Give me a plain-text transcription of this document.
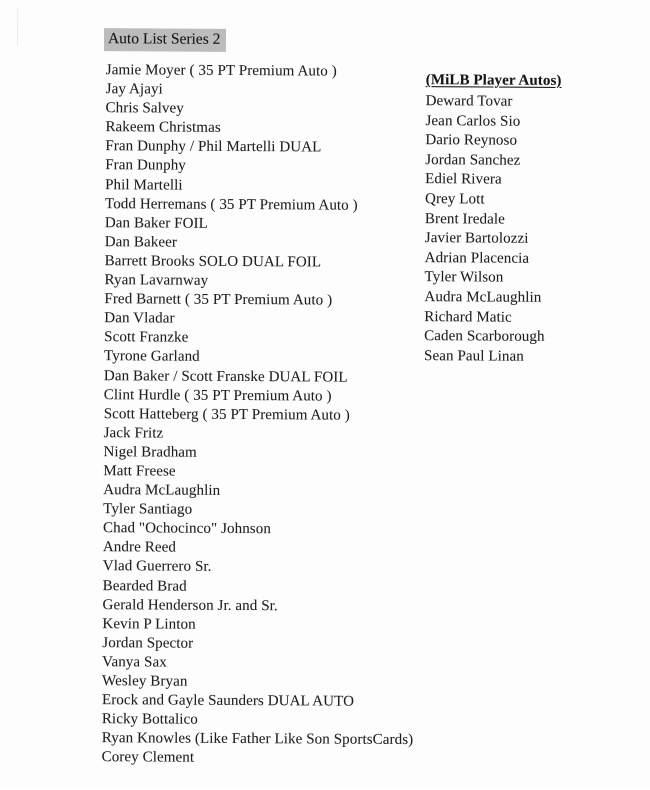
Auto List Series 2
Jamie Moyer ( 35 PT Premium Auto )
Jay Ajayi
Chris Salvey
Rakeem Christmas
Fran Dunphy / Phil Martelli DUAL
Fran Dunphy
Phil Martelli
Todd Herremans ( 35 PT Premium Auto )
Dan Baker FOIL
Dan Bakeer
Barrett Brooks SOLO DUAL FOIL
Ryan Lavarnway
Fred Barnett ( 35 PT Premium Auto )
Dan Vladar
Scott Franzke
Tyrone Garland
Dan Baker / Scott Franske DUAL FOIL
Clint Hurdle ( 35 PT Premium Auto )
Scott Hatteberg ( 35 PT Premium Auto )
Jack Fritz
Nigel Bradham
Matt Freese
Audra McLaughlin
Tyler Santiago
Chad "Ochocinco" Johnson
Andre Reed
Vlad Guerrero Sr.
Bearded Brad
Gerald Henderson Jr. and Sr.
Kevin P Linton
Jordan Spector
Vanya Sax
Wesley Bryan
Erock and Gayle Saunders DUAL AUTO
Ricky Bottalico
Ryan Knowles (Like Father Like Son SportsCards)
Corey Clement
(MiLB Player Autos)
Deward Tovar
Jean Carlos Sio
Dario Reynoso
Jordan Sanchez
Ediel Rivera
Qrey Lott
Brent Iredale
Javier Bartolozzi
Adrian Placencia
Tyler Wilson
Audra McLaughlin
Richard Matic
Caden Scarborough
Sean Paul Linan
